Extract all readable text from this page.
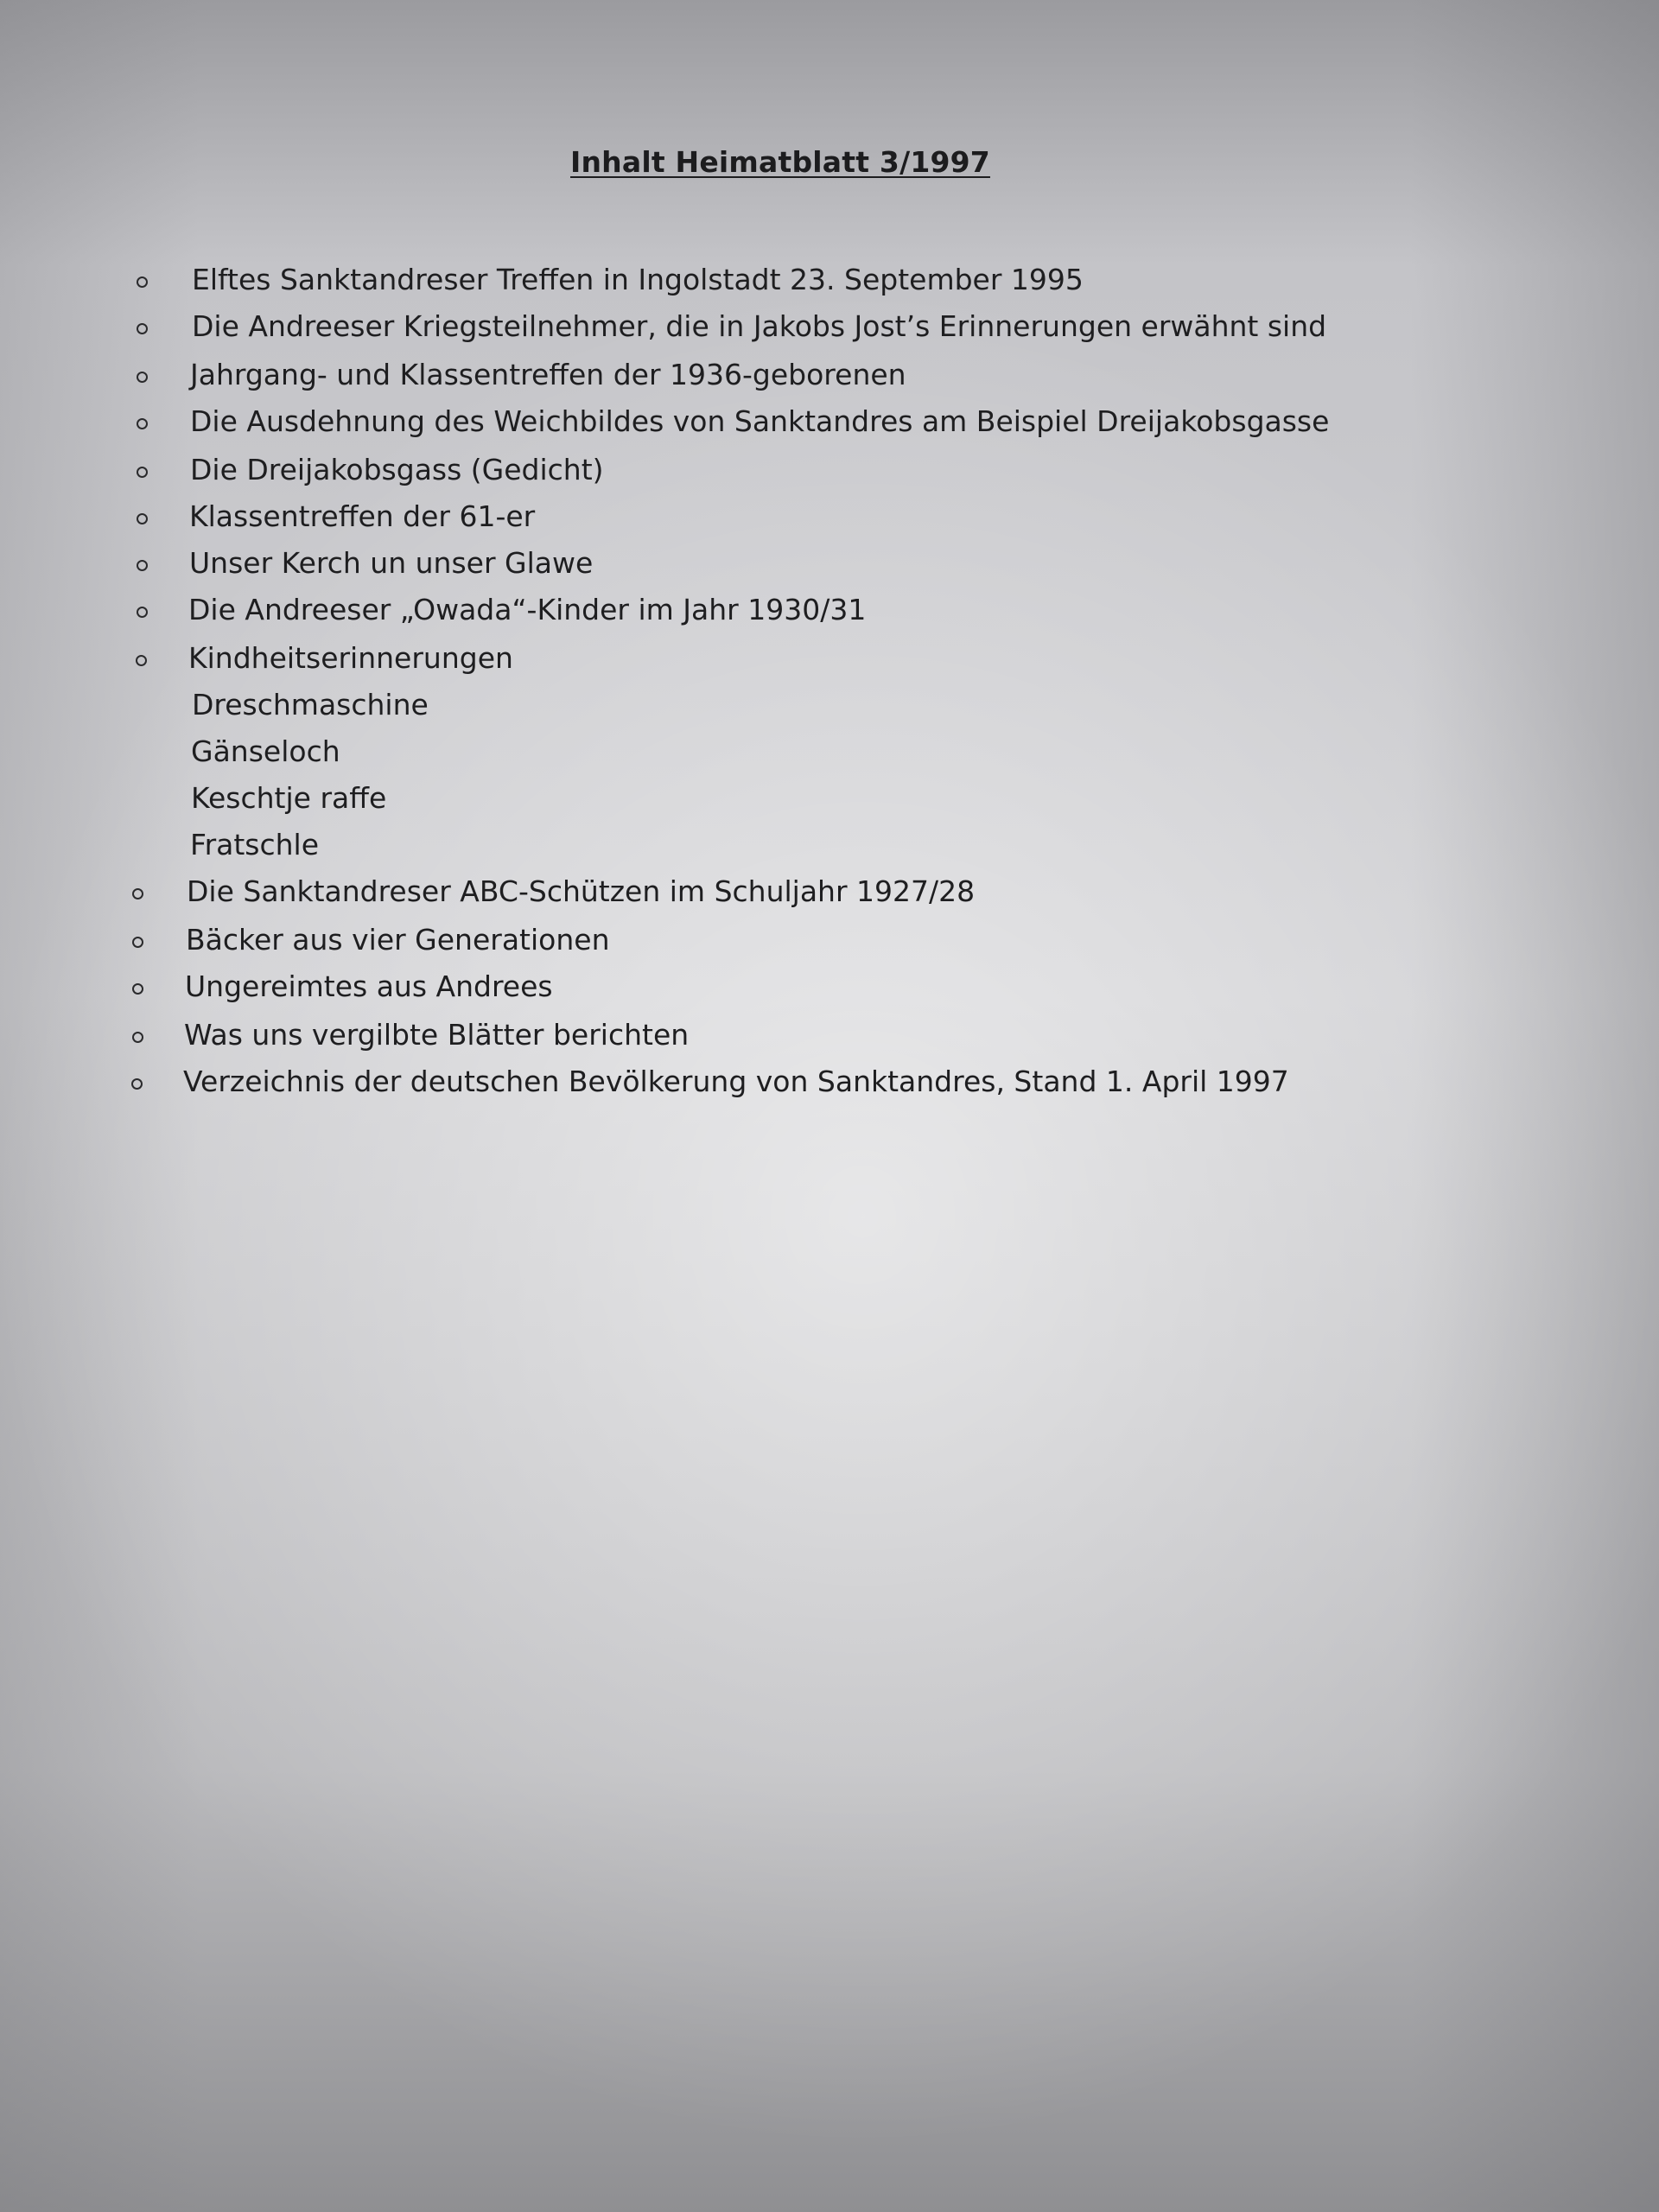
Inhalt Heimatblatt 3/1997
Elftes Sanktandreser Treffen in Ingolstadt 23. September 1995
Die Andreeser Kriegsteilnehmer, die in Jakobs Jost’s Erinnerungen erwähnt sind
Jahrgang- und Klassentreffen der 1936-geborenen
Die Ausdehnung des Weichbildes von Sanktandres am Beispiel Dreijakobsgasse
Die Dreijakobsgass (Gedicht)
Klassentreffen der 61-er
Unser Kerch un unser Glawe
Die Andreeser „Owada“-Kinder im Jahr 1930/31
Kindheitserinnerungen
Dreschmaschine
Gänseloch
Keschtje raffe
Fratschle
Die Sanktandreser ABC-Schützen im Schuljahr 1927/28
Bäcker aus vier Generationen
Ungereimtes aus Andrees
Was uns vergilbte Blätter berichten
Verzeichnis der deutschen Bevölkerung von Sanktandres, Stand 1. April 1997
